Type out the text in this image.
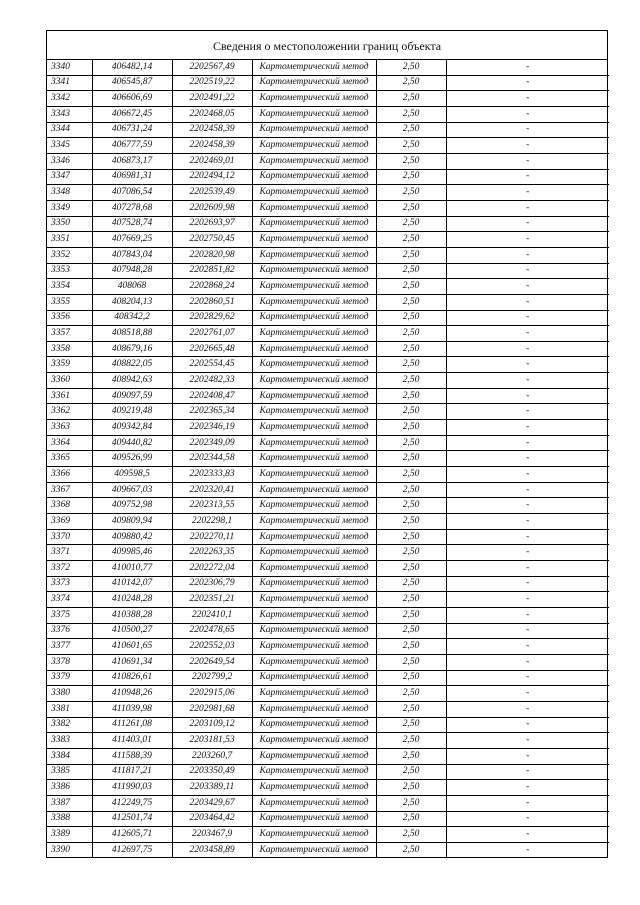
Сведения о местоположении границ объекта
3340	406482,14	2202567,49	Картометрический метод	2,50	-
3341	406545,87	2202519,22	Картометрический метод	2,50	-
3342	406606,69	2202491,22	Картометрический метод	2,50	-
3343	406672,45	2202468,05	Картометрический метод	2,50	-
3344	406731,24	2202458,39	Картометрический метод	2,50	-
3345	406777,59	2202458,39	Картометрический метод	2,50	-
3346	406873,17	2202469,01	Картометрический метод	2,50	-
3347	406981,31	2202494,12	Картометрический метод	2,50	-
3348	407086,54	2202539,49	Картометрический метод	2,50	-
3349	407278,68	2202609,98	Картометрический метод	2,50	-
3350	407528,74	2202693,97	Картометрический метод	2,50	-
3351	407669,25	2202750,45	Картометрический метод	2,50	-
3352	407843,04	2202820,98	Картометрический метод	2,50	-
3353	407948,28	2202851,82	Картометрический метод	2,50	-
3354	408068	2202868,24	Картометрический метод	2,50	-
3355	408204,13	2202860,51	Картометрический метод	2,50	-
3356	408342,2	2202829,62	Картометрический метод	2,50	-
3357	408518,88	2202761,07	Картометрический метод	2,50	-
3358	408679,16	2202665,48	Картометрический метод	2,50	-
3359	408822,05	2202554,45	Картометрический метод	2,50	-
3360	408942,63	2202482,33	Картометрический метод	2,50	-
3361	409097,59	2202408,47	Картометрический метод	2,50	-
3362	409219,48	2202365,34	Картометрический метод	2,50	-
3363	409342,84	2202346,19	Картометрический метод	2,50	-
3364	409440,82	2202349,09	Картометрический метод	2,50	-
3365	409526,99	2202344,58	Картометрический метод	2,50	-
3366	409598,5	2202333,83	Картометрический метод	2,50	-
3367	409667,03	2202320,41	Картометрический метод	2,50	-
3368	409752,98	2202313,55	Картометрический метод	2,50	-
3369	409809,94	2202298,1	Картометрический метод	2,50	-
3370	409880,42	2202270,11	Картометрический метод	2,50	-
3371	409985,46	2202263,35	Картометрический метод	2,50	-
3372	410010,77	2202272,04	Картометрический метод	2,50	-
3373	410142,07	2202306,79	Картометрический метод	2,50	-
3374	410248,28	2202351,21	Картометрический метод	2,50	-
3375	410388,28	2202410,1	Картометрический метод	2,50	-
3376	410500,27	2202478,65	Картометрический метод	2,50	-
3377	410601,65	2202552,03	Картометрический метод	2,50	-
3378	410691,34	2202649,54	Картометрический метод	2,50	-
3379	410826,61	2202799,2	Картометрический метод	2,50	-
3380	410948,26	2202915,06	Картометрический метод	2,50	-
3381	411039,98	2202981,68	Картометрический метод	2,50	-
3382	411261,08	2203109,12	Картометрический метод	2,50	-
3383	411403,01	2203181,53	Картометрический метод	2,50	-
3384	411588,39	2203260,7	Картометрический метод	2,50	-
3385	411817,21	2203350,49	Картометрический метод	2,50	-
3386	411990,03	2203389,11	Картометрический метод	2,50	-
3387	412249,75	2203429,67	Картометрический метод	2,50	-
3388	412501,74	2203464,42	Картометрический метод	2,50	-
3389	412605,71	2203467,9	Картометрический метод	2,50	-
3390	412697,75	2203458,89	Картометрический метод	2,50	-
